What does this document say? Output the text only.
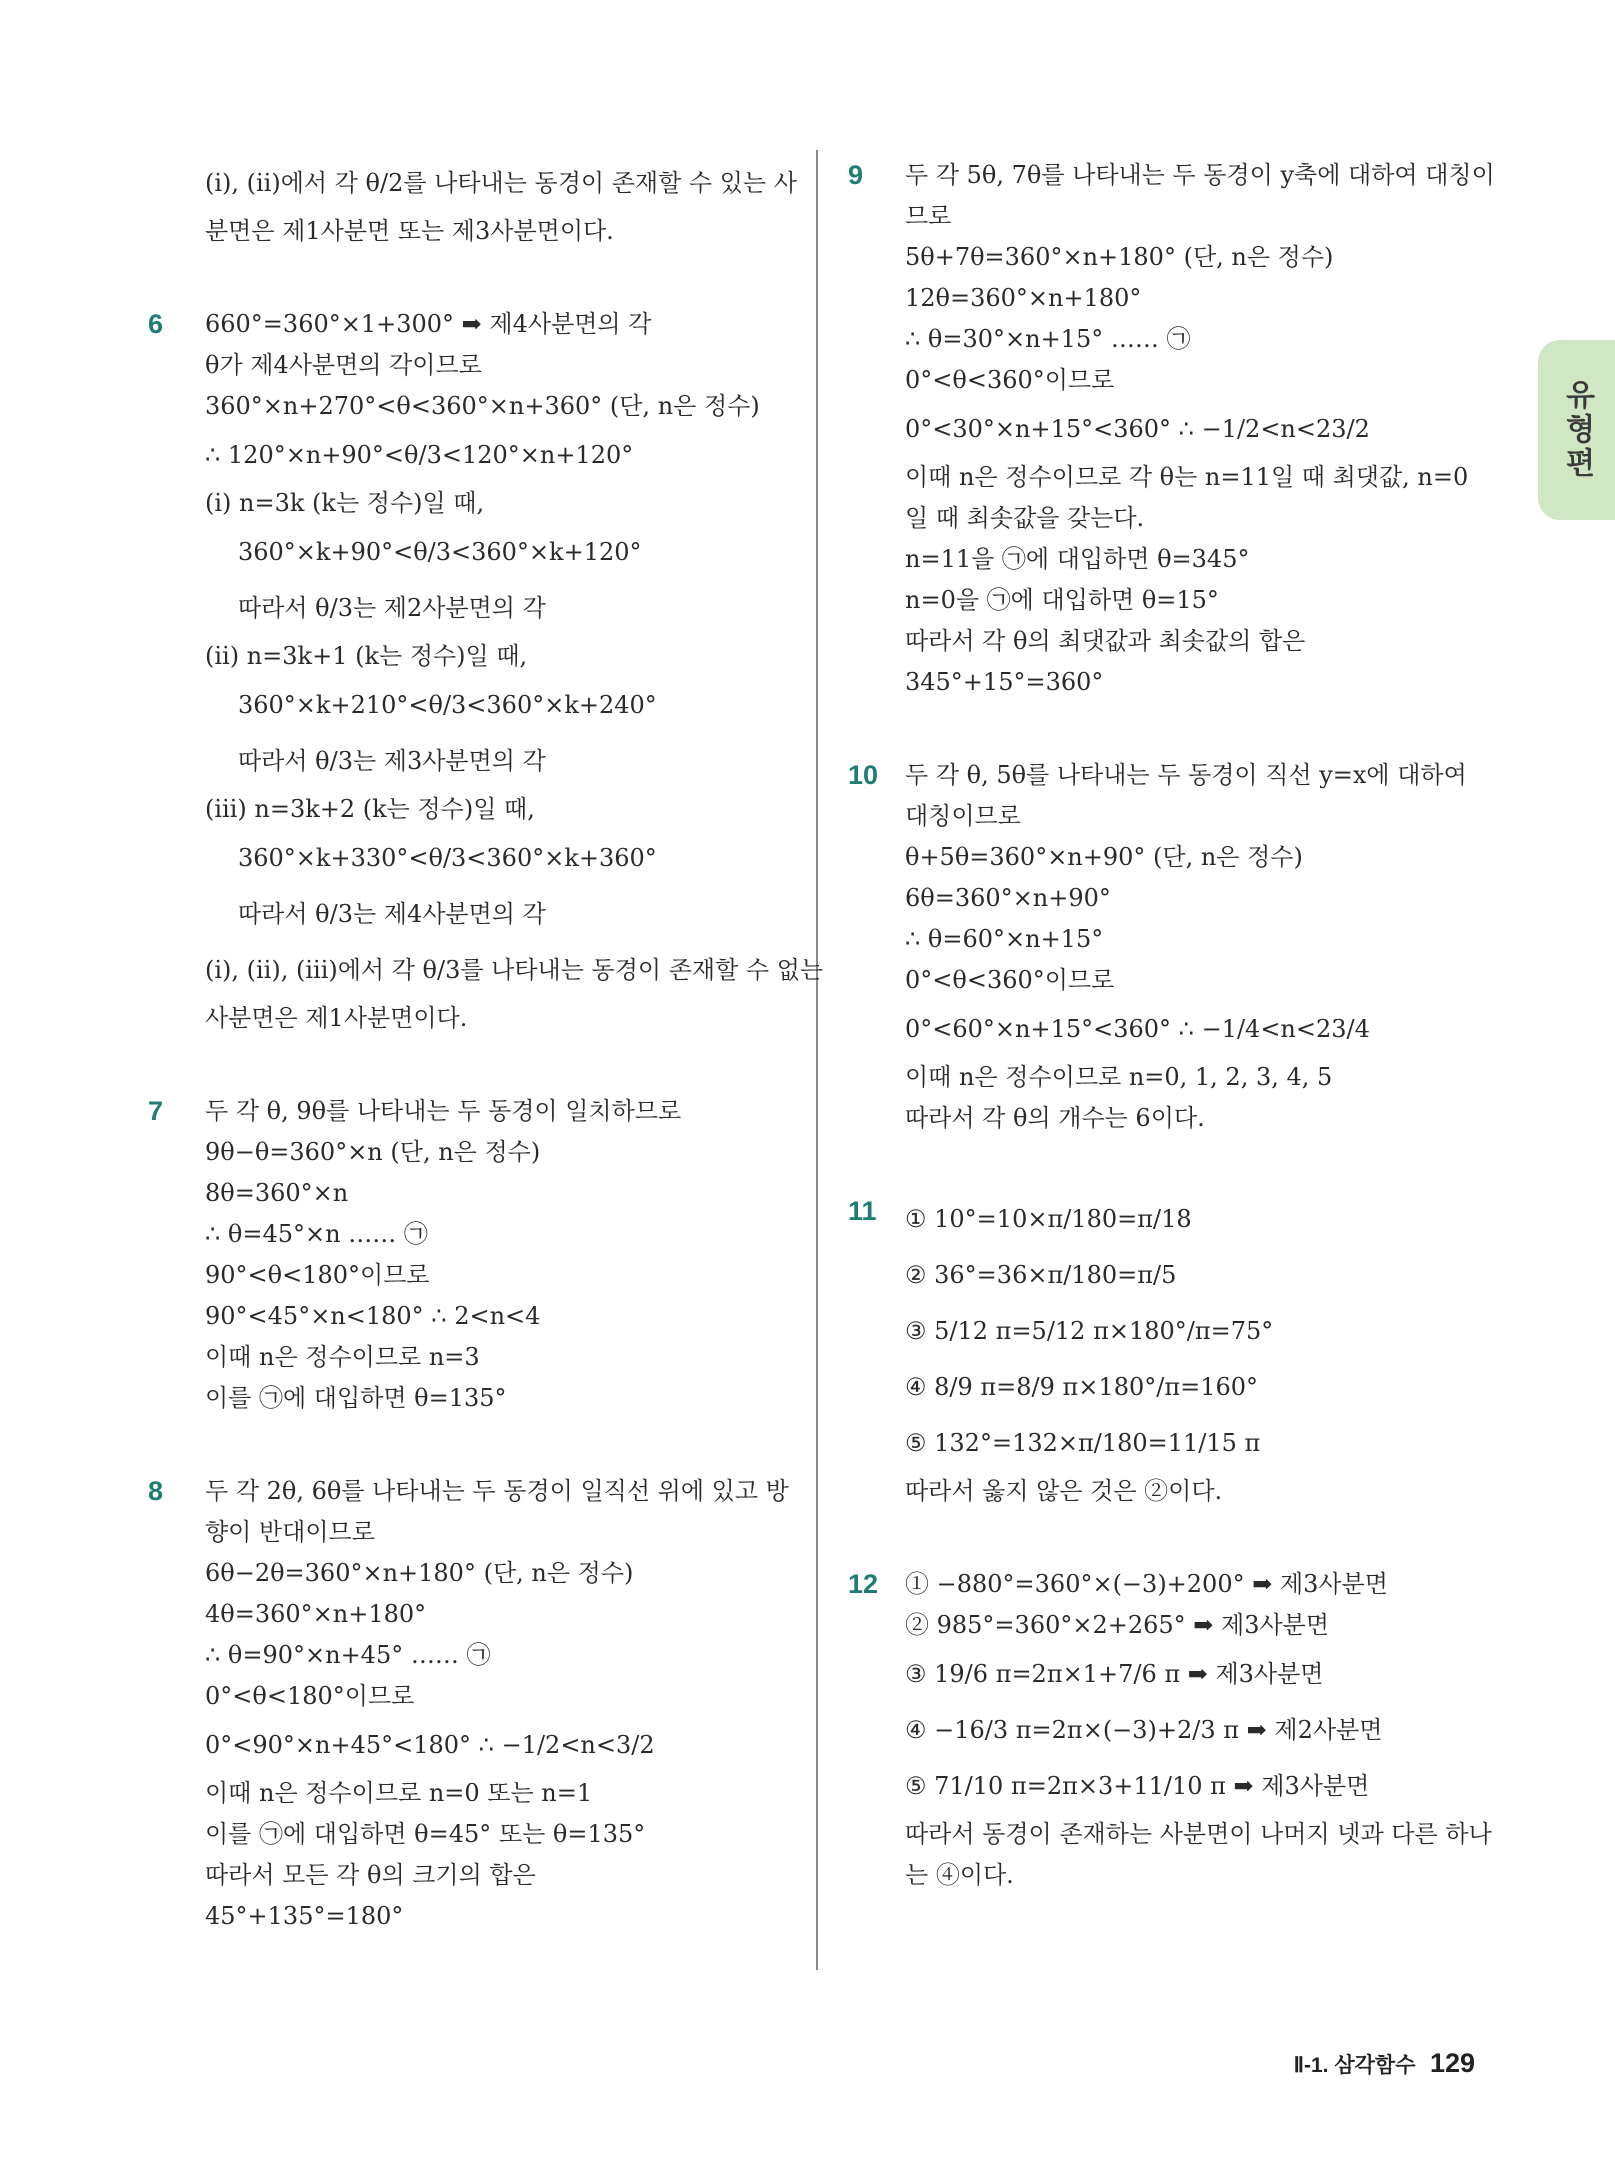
(ⅰ), (ⅱ)에서 각 θ/2를 나타내는 동경이 존재할 수 있는 사
분면은 제1사분면 또는 제3사분면이다.
6	660°=360°×1+300° ➡ 제4사분면의 각
θ가 제4사분면의 각이므로
360°×n+270°<θ<360°×n+360° (단, n은 정수)
∴ 120°×n+90°<θ/3<120°×n+120°
(ⅰ) n=3k (k는 정수)일 때,
360°×k+90°<θ/3<360°×k+120°
따라서 θ/3는 제2사분면의 각
(ⅱ) n=3k+1 (k는 정수)일 때,
360°×k+210°<θ/3<360°×k+240°
따라서 θ/3는 제3사분면의 각
(ⅲ) n=3k+2 (k는 정수)일 때,
360°×k+330°<θ/3<360°×k+360°
따라서 θ/3는 제4사분면의 각
(ⅰ), (ⅱ), (ⅲ)에서 각 θ/3를 나타내는 동경이 존재할 수 없는
사분면은 제1사분면이다.
7	두 각 θ, 9θ를 나타내는 두 동경이 일치하므로
9θ−θ=360°×n (단, n은 정수)
8θ=360°×n
∴ θ=45°×n …… ㉠
90°<θ<180°이므로
90°<45°×n<180° ∴ 2<n<4
이때 n은 정수이므로 n=3
이를 ㉠에 대입하면 θ=135°
8	두 각 2θ, 6θ를 나타내는 두 동경이 일직선 위에 있고 방
향이 반대이므로
6θ−2θ=360°×n+180° (단, n은 정수)
4θ=360°×n+180°
∴ θ=90°×n+45° …… ㉠
0°<θ<180°이므로
0°<90°×n+45°<180° ∴ −1/2<n<3/2
이때 n은 정수이므로 n=0 또는 n=1
이를 ㉠에 대입하면 θ=45° 또는 θ=135°
따라서 모든 각 θ의 크기의 합은
45°+135°=180°
9	두 각 5θ, 7θ를 나타내는 두 동경이 y축에 대하여 대칭이
므로
5θ+7θ=360°×n+180° (단, n은 정수)
12θ=360°×n+180°
∴ θ=30°×n+15° …… ㉠
0°<θ<360°이므로
0°<30°×n+15°<360° ∴ −1/2<n<23/2
이때 n은 정수이므로 각 θ는 n=11일 때 최댓값, n=0
일 때 최솟값을 갖는다.
n=11을 ㉠에 대입하면 θ=345°
n=0을 ㉠에 대입하면 θ=15°
따라서 각 θ의 최댓값과 최솟값의 합은
345°+15°=360°
10	두 각 θ, 5θ를 나타내는 두 동경이 직선 y=x에 대하여
대칭이므로
θ+5θ=360°×n+90° (단, n은 정수)
6θ=360°×n+90°
∴ θ=60°×n+15°
0°<θ<360°이므로
0°<60°×n+15°<360° ∴ −1/4<n<23/4
이때 n은 정수이므로 n=0, 1, 2, 3, 4, 5
따라서 각 θ의 개수는 6이다.
11	① 10°=10×π/180=π/18
② 36°=36×π/180=π/5
③ 5/12 π=5/12 π×180°/π=75°
④ 8/9 π=8/9 π×180°/π=160°
⑤ 132°=132×π/180=11/15 π
따라서 옳지 않은 것은 ②이다.
12	① −880°=360°×(−3)+200° ➡ 제3사분면
② 985°=360°×2+265° ➡ 제3사분면
③ 19/6 π=2π×1+7/6 π ➡ 제3사분면
④ −16/3 π=2π×(−3)+2/3 π ➡ 제2사분면
⑤ 71/10 π=2π×3+11/10 π ➡ 제3사분면
따라서 동경이 존재하는 사분면이 나머지 넷과 다른 하나
는 ④이다.
유형편
Ⅱ-1. 삼각함수 129
